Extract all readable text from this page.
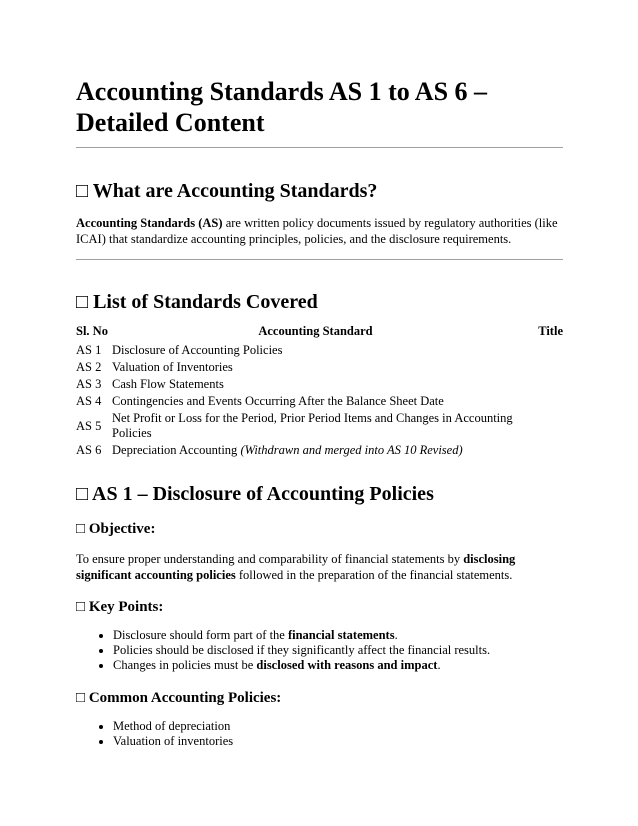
Accounting Standards AS 1 to AS 6 – Detailed Content
□ What are Accounting Standards?

Accounting Standards (AS) are written policy documents issued by regulatory authorities (like ICAI) that standardize accounting principles, policies, and the disclosure requirements.

□ List of Standards Covered
Sl. No	Accounting Standard	Title
AS 1	Disclosure of Accounting Policies	
AS 2	Valuation of Inventories	
AS 3	Cash Flow Statements	
AS 4	Contingencies and Events Occurring After the Balance Sheet Date	
AS 5	Net Profit or Loss for the Period, Prior Period Items and Changes in Accounting Policies	
AS 6	Depreciation Accounting (Withdrawn and merged into AS 10 Revised)	
□ AS 1 – Disclosure of Accounting Policies
□ Objective:

To ensure proper understanding and comparability of financial statements by disclosing significant accounting policies followed in the preparation of the financial statements.

□ Key Points:
• Disclosure should form part of the financial statements.
• Policies should be disclosed if they significantly affect the financial results.
• Changes in policies must be disclosed with reasons and impact.
□ Common Accounting Policies:
• Method of depreciation
• Valuation of inventories
